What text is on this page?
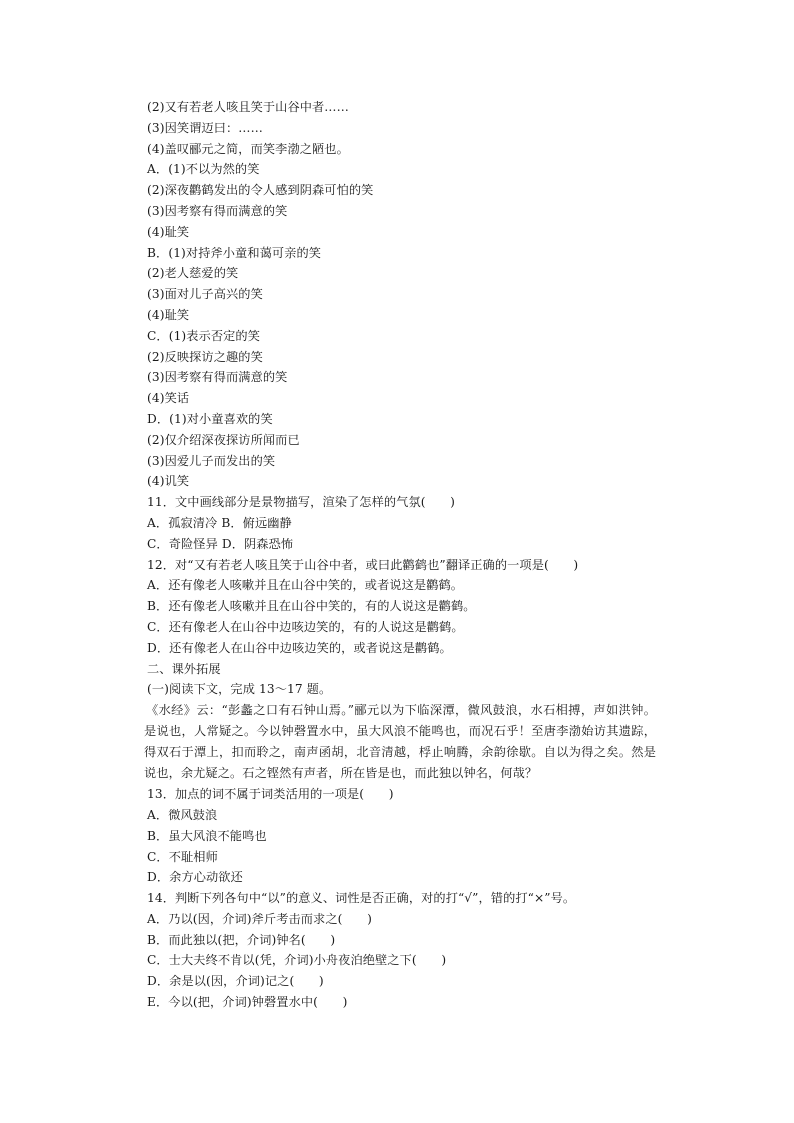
(2)又有若老人咳且笑于山谷中者……
(3)因笑谓迈曰：……
(4)盖叹郦元之简，而笑李渤之陋也。
A．(1)不以为然的笑
(2)深夜鹳鹤发出的令人感到阴森可怕的笑
(3)因考察有得而满意的笑
(4)耻笑
B．(1)对持斧小童和蔼可亲的笑
(2)老人慈爱的笑
(3)面对儿子高兴的笑
(4)耻笑
C．(1)表示否定的笑
(2)反映探访之趣的笑
(3)因考察有得而满意的笑
(4)笑话
D．(1)对小童喜欢的笑
(2)仅介绍深夜探访所闻而已
(3)因爱儿子而发出的笑
(4)讥笑
11．文中画线部分是景物描写，渲染了怎样的气氛(　　)
A．孤寂清冷 B．俯远幽静
C．奇险怪异 D．阴森恐怖
12．对“又有若老人咳且笑于山谷中者，或曰此鹳鹤也”翻译正确的一项是(　　)
A．还有像老人咳嗽并且在山谷中笑的，或者说这是鹳鹤。
B．还有像老人咳嗽并且在山谷中笑的，有的人说这是鹳鹤。
C．还有像老人在山谷中边咳边笑的，有的人说这是鹳鹤。
D．还有像老人在山谷中边咳边笑的，或者说这是鹳鹤。
二、课外拓展
(一)阅读下文，完成 13～17 题。
《水经》云：“彭蠡之口有石钟山焉。”郦元以为下临深潭，微风鼓浪，水石相搏，声如洪钟。是说也，人常疑之。今以钟磬置水中，虽大风浪不能鸣也，而况石乎！至唐李渤始访其遗踪，得双石于潭上，扣而聆之，南声函胡，北音清越，桴止响腾，余韵徐歇。自以为得之矣。然是说也，余尤疑之。石之铿然有声者，所在皆是也，而此独以钟名，何哉？
13．加点的词不属于词类活用的一项是(　　)
A．微风鼓浪
B．虽大风浪不能鸣也
C．不耻相师
D．余方心动欲还
14．判断下列各句中“以”的意义、词性是否正确，对的打“√”，错的打“×”号。
A．乃以(因，介词)斧斤考击而求之(　　)
B．而此独以(把，介词)钟名(　　)
C．士大夫终不肯以(凭，介词)小舟夜泊绝壁之下(　　)
D．余是以(因，介词)记之(　　)
E．今以(把，介词)钟磬置水中(　　)
